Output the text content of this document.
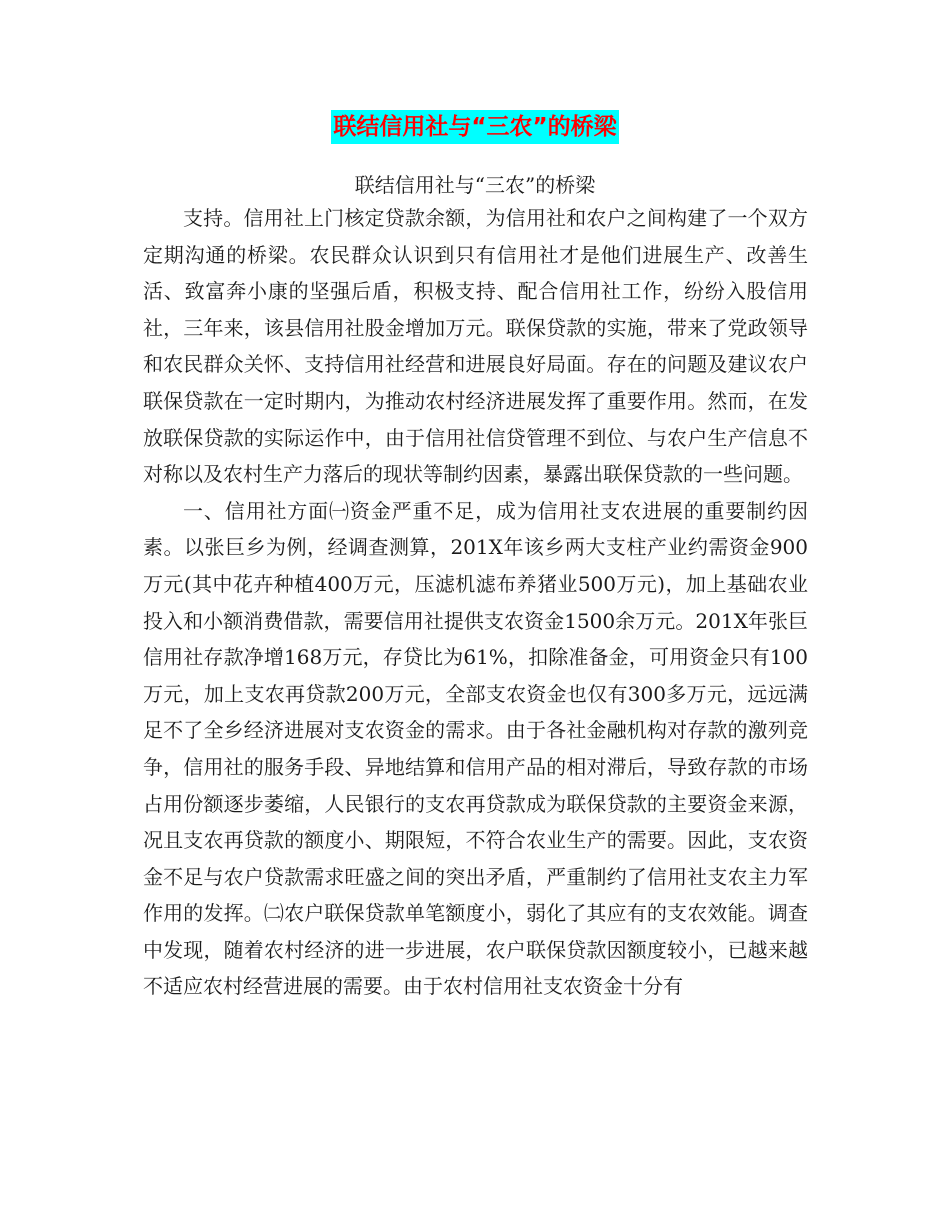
联结信用社与“三农”的桥梁
联结信用社与“三农”的桥梁

支持。信用社上门核定贷款余额，为信用社和农户之间构建了一个双方定期沟通的桥梁。农民群众认识到只有信用社才是他们进展生产、改善生活、致富奔小康的坚强后盾，积极支持、配合信用社工作，纷纷入股信用社，三年来，该县信用社股金增加万元。联保贷款的实施，带来了党政领导和农民群众关怀、支持信用社经营和进展良好局面。存在的问题及建议农户联保贷款在一定时期内，为推动农村经济进展发挥了重要作用。然而，在发放联保贷款的实际运作中，由于信用社信贷管理不到位、与农户生产信息不对称以及农村生产力落后的现状等制约因素，暴露出联保贷款的一些问题。

一、信用社方面㈠资金严重不足，成为信用社支农进展的重要制约因素。以张巨乡为例，经调查测算，201X年该乡两大支柱产业约需资金900万元(其中花卉种植400万元，压滤机滤布养猪业500万元)，加上基础农业投入和小额消费借款，需要信用社提供支农资金1500余万元。201X年张巨信用社存款净增168万元，存贷比为61%，扣除准备金，可用资金只有100万元，加上支农再贷款200万元，全部支农资金也仅有300多万元，远远满足不了全乡经济进展对支农资金的需求。由于各社金融机构对存款的激列竞争，信用社的服务手段、异地结算和信用产品的相对滞后，导致存款的市场占用份额逐步萎缩，人民银行的支农再贷款成为联保贷款的主要资金来源，况且支农再贷款的额度小、期限短，不符合农业生产的需要。因此，支农资金不足与农户贷款需求旺盛之间的突出矛盾，严重制约了信用社支农主力军作用的发挥。㈡农户联保贷款单笔额度小，弱化了其应有的支农效能。调查中发现，随着农村经济的进一步进展，农户联保贷款因额度较小，已越来越不适应农村经营进展的需要。由于农村信用社支农资金十分有
